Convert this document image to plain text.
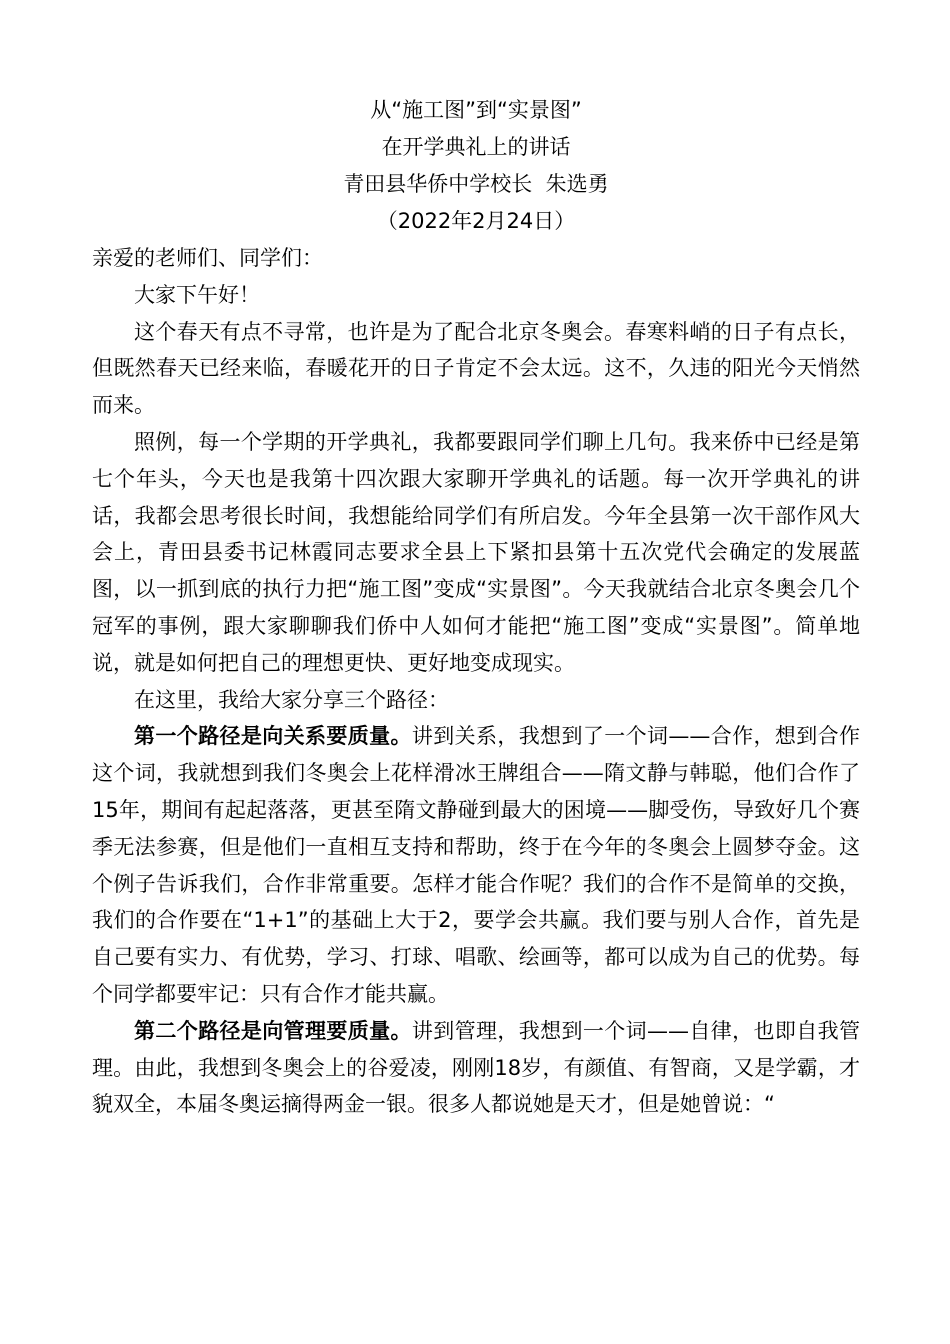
从“施工图”到“实景图”
在开学典礼上的讲话
青田县华侨中学校长  朱选勇
（2022年2月24日）

亲爱的老师们、同学们：

大家下午好！

这个春天有点不寻常，也许是为了配合北京冬奥会。春寒料峭的日子有点长，但既然春天已经来临，春暖花开的日子肯定不会太远。这不，久违的阳光今天悄然而来。

照例，每一个学期的开学典礼，我都要跟同学们聊上几句。我来侨中已经是第七个年头，今天也是我第十四次跟大家聊开学典礼的话题。每一次开学典礼的讲话，我都会思考很长时间，我想能给同学们有所启发。今年全县第一次干部作风大会上，青田县委书记林霞同志要求全县上下紧扣县第十五次党代会确定的发展蓝图，以一抓到底的执行力把“施工图”变成“实景图”。今天我就结合北京冬奥会几个冠军的事例，跟大家聊聊我们侨中人如何才能把“施工图”变成“实景图”。简单地说，就是如何把自己的理想更快、更好地变成现实。

在这里，我给大家分享三个路径：

第一个路径是向关系要质量。讲到关系，我想到了一个词——合作，想到合作这个词，我就想到我们冬奥会上花样滑冰王牌组合——隋文静与韩聪，他们合作了15年，期间有起起落落，更甚至隋文静碰到最大的困境——脚受伤，导致好几个赛季无法参赛，但是他们一直相互支持和帮助，终于在今年的冬奥会上圆梦夺金。这个例子告诉我们，合作非常重要。怎样才能合作呢？我们的合作不是简单的交换，我们的合作要在“1+1”的基础上大于2，要学会共赢。我们要与别人合作，首先是自己要有实力、有优势，学习、打球、唱歌、绘画等，都可以成为自己的优势。每个同学都要牢记：只有合作才能共赢。

第二个路径是向管理要质量。讲到管理，我想到一个词——自律，也即自我管理。由此，我想到冬奥会上的谷爱凌，刚刚18岁，有颜值、有智商，又是学霸，才貌双全，本届冬奥运摘得两金一银。很多人都说她是天才，但是她曾说：“
